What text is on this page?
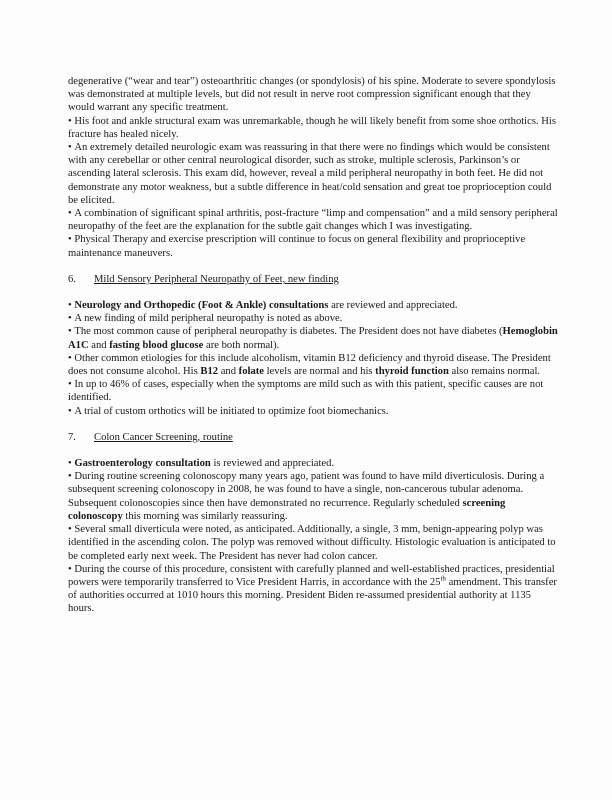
degenerative (“wear and tear”) osteoarthritic changes (or spondylosis) of his spine. Moderate to severe spondylosis was demonstrated at multiple levels, but did not result in nerve root compression significant enough that they would warrant any specific treatment.

• His foot and ankle structural exam was unremarkable, though he will likely benefit from some shoe orthotics. His fracture has healed nicely.

• An extremely detailed neurologic exam was reassuring in that there were no findings which would be consistent with any cerebellar or other central neurological disorder, such as stroke, multiple sclerosis, Parkinson’s or ascending lateral sclerosis. This exam did, however, reveal a mild peripheral neuropathy in both feet. He did not demonstrate any motor weakness, but a subtle difference in heat/cold sensation and great toe proprioception could be elicited.

• A combination of significant spinal arthritis, post-fracture “limp and compensation” and a mild sensory peripheral neuropathy of the feet are the explanation for the subtle gait changes which I was investigating.

• Physical Therapy and exercise prescription will continue to focus on general flexibility and proprioceptive maintenance maneuvers.

6. Mild Sensory Peripheral Neuropathy of Feet, new finding

• Neurology and Orthopedic (Foot & Ankle) consultations are reviewed and appreciated.

• A new finding of mild peripheral neuropathy is noted as above.

• The most common cause of peripheral neuropathy is diabetes. The President does not have diabetes (Hemoglobin A1C and fasting blood glucose are both normal).

• Other common etiologies for this include alcoholism, vitamin B12 deficiency and thyroid disease. The President does not consume alcohol. His B12 and folate levels are normal and his thyroid function also remains normal.

• In up to 46% of cases, especially when the symptoms are mild such as with this patient, specific causes are not identified.

• A trial of custom orthotics will be initiated to optimize foot biomechanics.

7. Colon Cancer Screening, routine

• Gastroenterology consultation is reviewed and appreciated.

• During routine screening colonoscopy many years ago, patient was found to have mild diverticulosis. During a subsequent screening colonoscopy in 2008, he was found to have a single, non-cancerous tubular adenoma. Subsequent colonoscopies since then have demonstrated no recurrence. Regularly scheduled screening colonoscopy this morning was similarly reassuring.

• Several small diverticula were noted, as anticipated. Additionally, a single, 3 mm, benign-appearing polyp was identified in the ascending colon. The polyp was removed without difficulty. Histologic evaluation is anticipated to be completed early next week. The President has never had colon cancer.

• During the course of this procedure, consistent with carefully planned and well-established practices, presidential powers were temporarily transferred to Vice President Harris, in accordance with the 25th amendment. This transfer of authorities occurred at 1010 hours this morning. President Biden re-assumed presidential authority at 1135 hours.
